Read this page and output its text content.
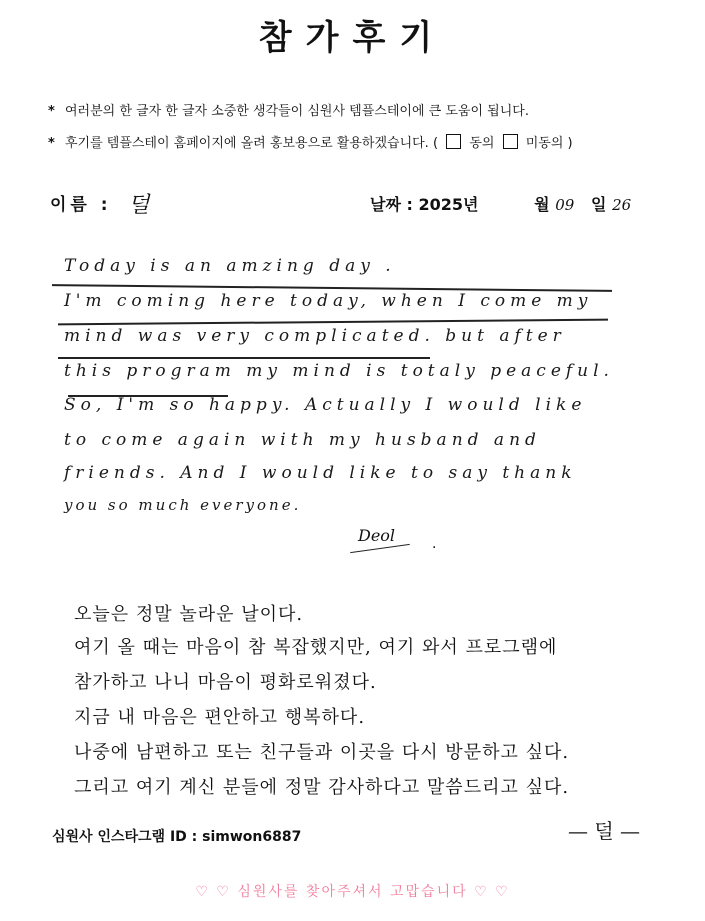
참가후기
* 여러분의 한 글자 한 글자 소중한 생각들이 심원사 템플스테이에 큰 도움이 됩니다.
* 후기를 템플스테이 홈페이지에 올려 홍보용으로 활용하겠습니다. ( 동의 미동의 )
이름 : 덜	날짜 : 2025년	월 09 일 26
Today is an amzing day .
I'm coming here today, when I come my
mind was very complicated. but after
this program my mind is totaly peaceful.
So, I'm so happy. Actually I would like
to come again with my husband and
friends. And I would like to say thank
you so much everyone.
Deol	.
오늘은 정말 놀라운 날이다.
여기 올 때는 마음이 참 복잡했지만, 여기 와서 프로그램에
참가하고 나니 마음이 평화로워졌다.
지금 내 마음은 편안하고 행복하다.
나중에 남편하고 또는 친구들과 이곳을 다시 방문하고 싶다.
그리고 여기 계신 분들에 정말 감사하다고 말씀드리고 싶다.
심원사 인스타그램 ID : simwon6887	— 덜 —
♡ ♡ 심원사를 찾아주셔서 고맙습니다 ♡ ♡
